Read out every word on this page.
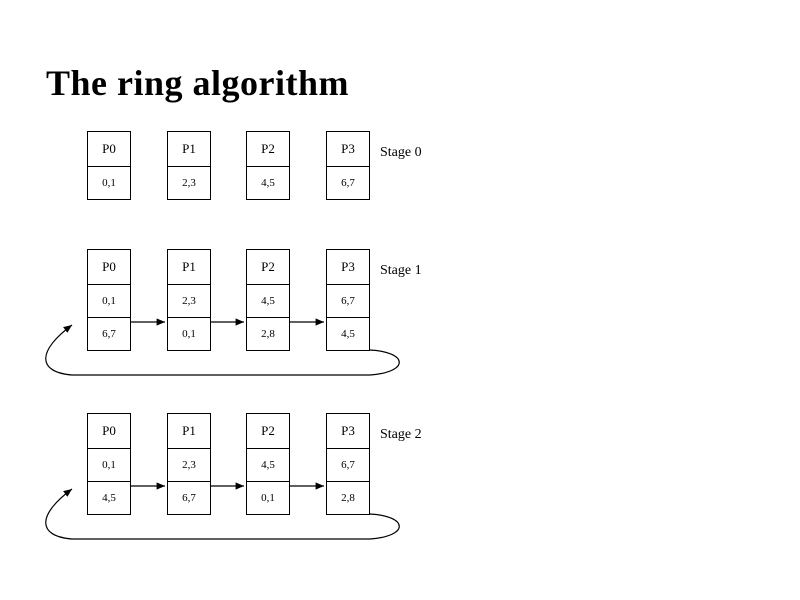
The ring algorithm
P0
0,1
P1
2,3
P2
4,5
P3
6,7
Stage 0
P0
0,1
6,7
P1
2,3
0,1
P2
4,5
2,8
P3
6,7
4,5
Stage 1
P0
0,1
4,5
P1
2,3
6,7
P2
4,5
0,1
P3
6,7
2,8
Stage 2
